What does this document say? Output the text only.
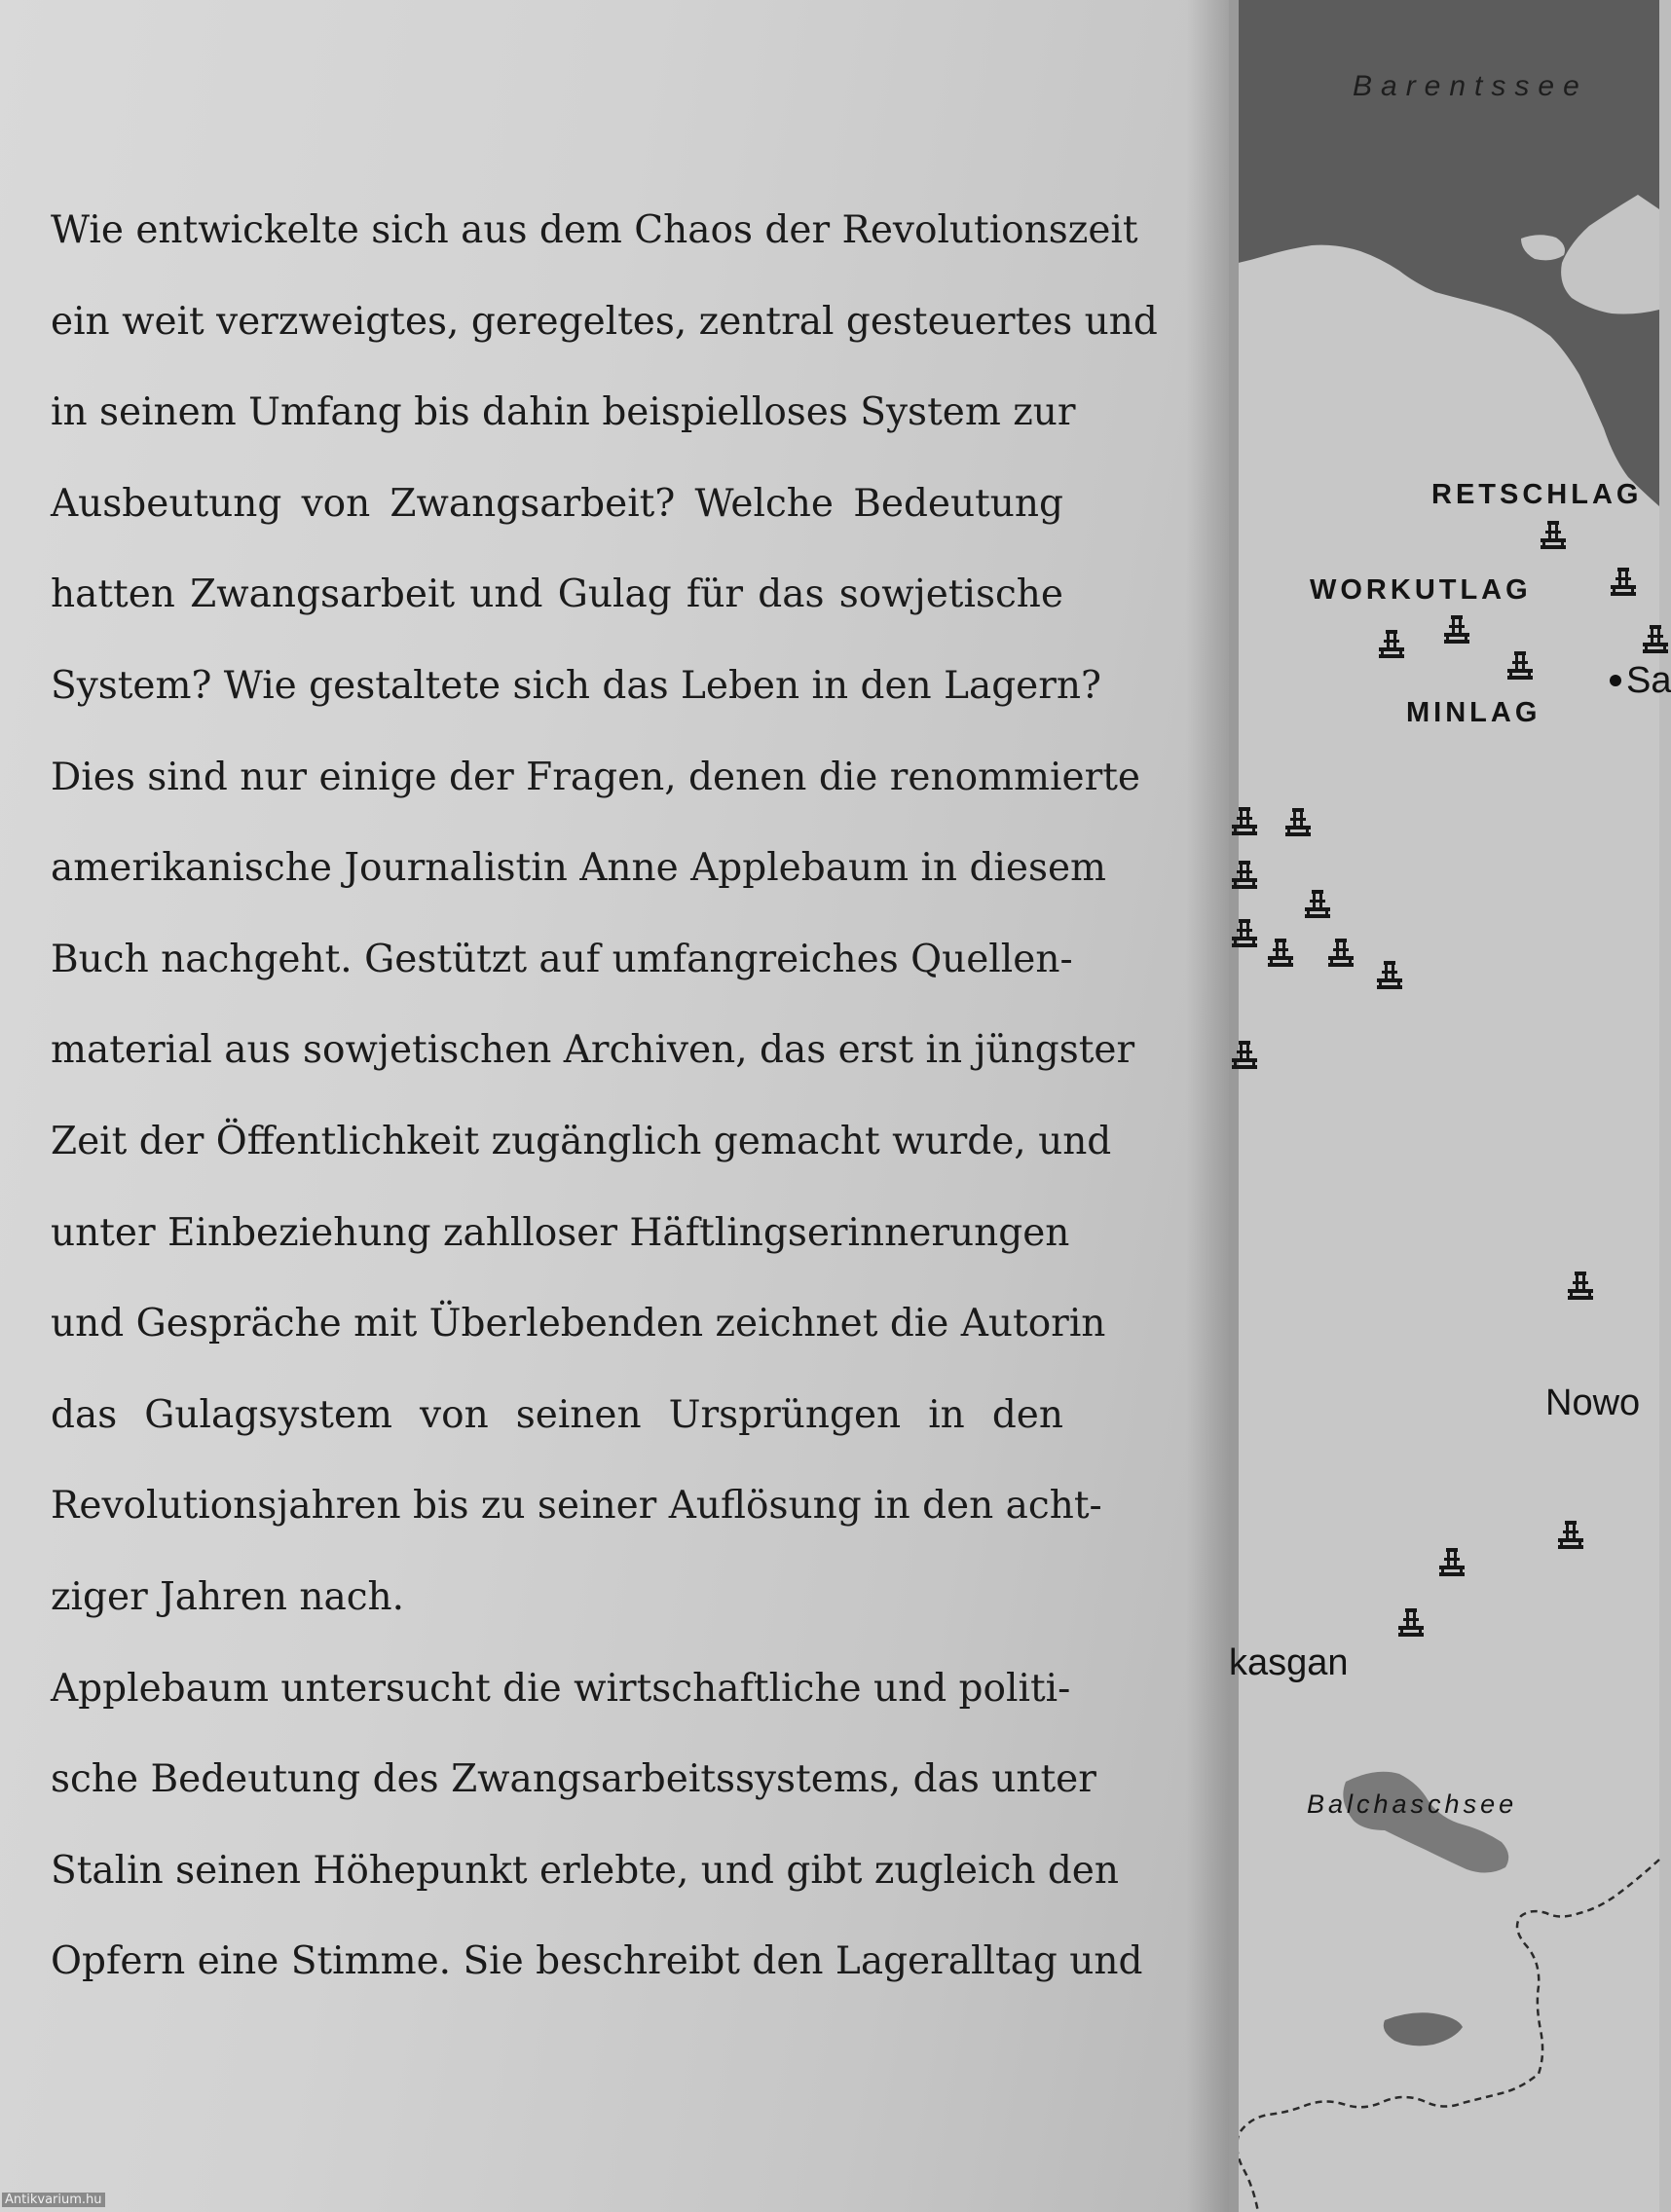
Wie entwickelte sich aus dem Chaos der Revolutionszeit
ein weit verzweigtes, geregeltes, zentral gesteuertes und
in seinem Umfang bis dahin beispielloses System zur
Ausbeutung von Zwangsarbeit? Welche Bedeutung
hatten Zwangsarbeit und Gulag für das sowjetische
System? Wie gestaltete sich das Leben in den Lagern?
Dies sind nur einige der Fragen, denen die renommierte
amerikanische Journalistin Anne Applebaum in diesem
Buch nachgeht. Gestützt auf umfangreiches Quellen-
material aus sowjetischen Archiven, das erst in jüngster
Zeit der Öffentlichkeit zugänglich gemacht wurde, und
unter Einbeziehung zahlloser Häftlingserinnerungen
und Gespräche mit Überlebenden zeichnet die Autorin
das Gulagsystem von seinen Ursprüngen in den
Revolutionsjahren bis zu seiner Auflösung in den acht-
ziger Jahren nach.
Applebaum untersucht die wirtschaftliche und politi-
sche Bedeutung des Zwangsarbeitssystems, das unter
Stalin seinen Höhepunkt erlebte, und gibt zugleich den
Opfern eine Stimme. Sie beschreibt den Lageralltag und
Barentssee
RETSCHLAG
WORKUTLAG
MINLAG
Sa
Nowo
kasgan
Balchaschsee
Antikvarium.hu
